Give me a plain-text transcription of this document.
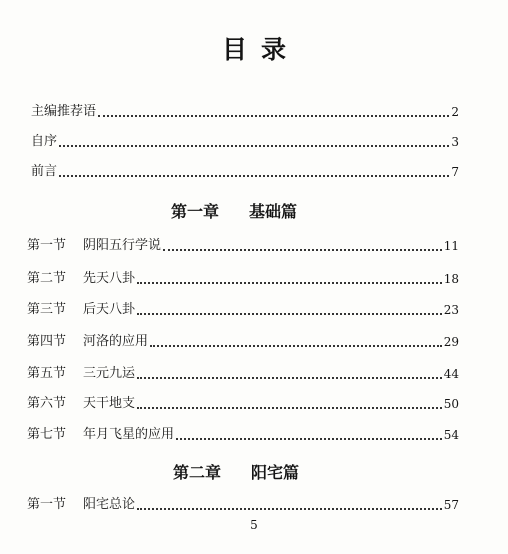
目录
主编推荐语	2
自序	3
前言	7
第一章 基础篇
第一节	阴阳五行学说	11
第二节	先天八卦	18
第三节	后天八卦	23
第四节	河洛的应用	29
第五节	三元九运	44
第六节	天干地支	50
第七节	年月飞星的应用	54
第二章 阳宅篇
第一节	阳宅总论	57
5
